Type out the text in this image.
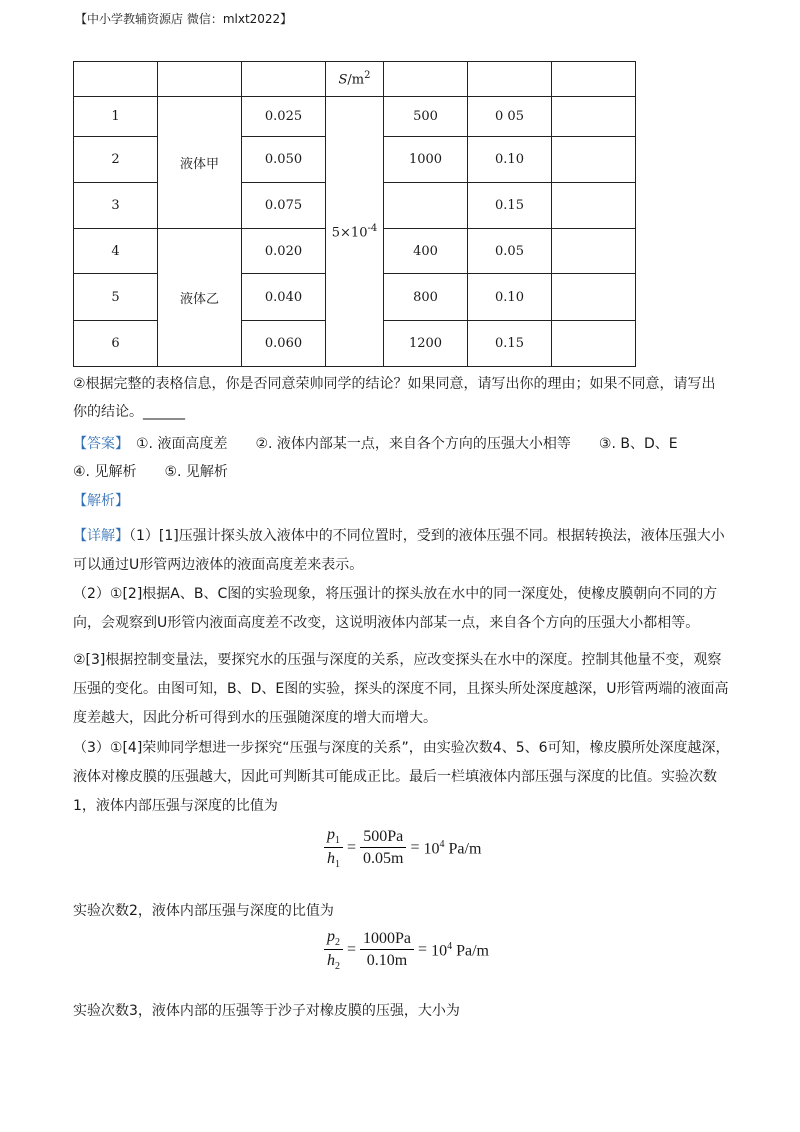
【中小学教辅资源店 微信：mlxt2022】
			$S/m^2$			
1	液体甲	0.025	$5\times 10^{-4}$	500	0 05	
2		0.050		1000	0.10	
3		0.075			0.15	
4	液体乙	0.020		400	0.05	
5		0.040		800	0.10	
6		0.060		1200	0.15	
②根据完整的表格信息，你是否同意荣帅同学的结论？如果同意，请写出你的理由；如果不同意，请写出
你的结论。______
【答案】　 ①. 液面高度差　　②. 液体内部某一点，来自各个方向的压强大小相等　　③. B、D、E
④. 见解析　　⑤. 见解析
【解析】
【详解】（1）[1]压强计探头放入液体中的不同位置时，受到的液体压强不同。根据转换法，液体压强大小可以通过U形管两边液体的液面高度差来表示。
（2）①[2]根据A、B、C图的实验现象，将压强计的探头放在水中的同一深度处，使橡皮膜朝向不同的方向，会观察到U形管内液面高度差不改变，这说明液体内部某一点，来自各个方向的压强大小都相等。
②[3]根据控制变量法，要探究水的压强与深度的关系，应改变探头在水中的深度。控制其他量不变，观察压强的变化。由图可知，B、D、E图的实验，探头的深度不同，且探头所处深度越深，U形管两端的液面高度差越大，因此分析可得到水的压强随深度的增大而增大。
（3）①[4]荣帅同学想进一步探究“压强与深度的关系”，由实验次数4、5、6可知，橡皮膜所处深度越深，液体对橡皮膜的压强越大，因此可判断其可能成正比。最后一栏填液体内部压强与深度的比值。实验次数1，液体内部压强与深度的比值为
$\frac{p_1}{h_1} = \frac{500Pa}{0.05m} = 10^4$ Pa/m
实验次数2，液体内部压强与深度的比值为
$\frac{p_2}{h_2} = \frac{1000Pa}{0.10m} = 10^4$ Pa/m
实验次数3，液体内部的压强等于沙子对橡皮膜的压强，大小为
